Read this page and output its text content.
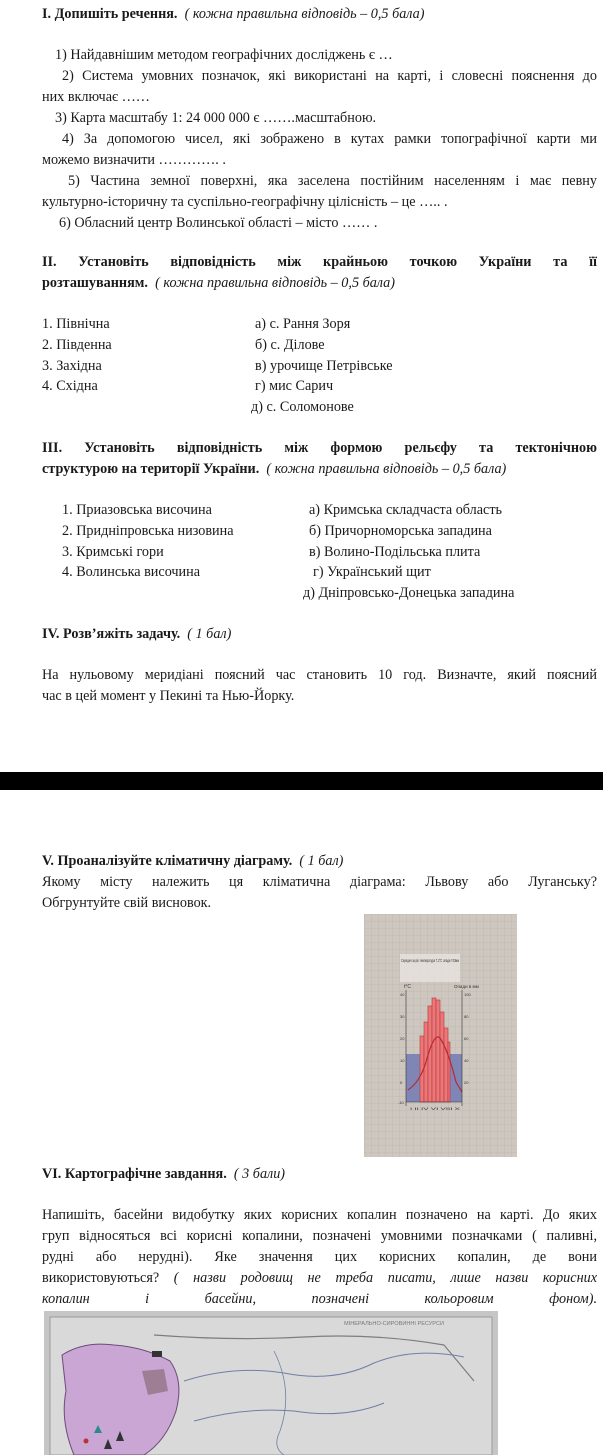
I. Допишіть речення. ( кожна правильна відповідь – 0,5 бала)
1) Найдавнішим методом географічних досліджень є …
2) Система умовних позначок, які використані на карті, і словесні пояснення до
них включає ……
3) Карта масштабу 1: 24 000 000 є …….масштабною.
4) За допомогою чисел, які зображено в кутах рамки топографічної карти ми
можемо визначити …………. .
5) Частина земної поверхні, яка заселена постійним населенням і має певну
культурно-історичну та суспільно-географічну цілісність – це ….. .
6) Обласний центр Волинської області – місто …… .
II. Установіть відповідність між крайньою точкою України та її
розташуванням. ( кожна правильна відповідь – 0,5 бала)
1. Північна
2. Південна
3. Західна
4. Східна
а) с. Рання Зоря
б) с. Ділове
в) урочище Петрівське
г) мис Сарич
д) с. Соломонове
III. Установіть відповідність між формою рельєфу та тектонічною
структурою на території України. ( кожна правильна відповідь – 0,5 бала)
1. Приазовська височина
2. Придніпровська низовина
3. Кримські гори
4. Волинська височина
а) Кримська складчаста область
б) Причорноморська западина
в) Волино-Подільська плита
г) Український щит
д) Дніпровсько-Донецька западина
IV. Розв’яжіть задачу. ( 1 бал)
На нульовому меридіані поясний час становить 10 год. Визначте, який поясний
час в цей момент у Пекині та Нью-Йорку.
V. Проаналізуйте кліматичну діаграму. ( 1 бал)
Якому місту належить ця кліматична діаграма: Львову або Луганську?
Обгрунтуйте свій висновок.
Середня за рік температура 7,2°C опади 743мм
t°C	Опади в мм
40
30
20
10
0
-10
100
80
60
40
20
I II IV VI VIII X
VI. Картографічне завдання. ( 3 бали)
Напишіть, басейни видобутку яких корисних копалин позначено на карті. До яких
груп відносяться всі корисні копалини, позначені умовними позначками ( паливні,
рудні або нерудні). Яке значення цих корисних копалин, де вони
використовуються? ( назви родовищ не треба писати, лише назви корисних
копалин і басейни, позначені кольоровим фоном).
МІНЕРАЛЬНО-СИРОВИННІ РЕСУРСИ
